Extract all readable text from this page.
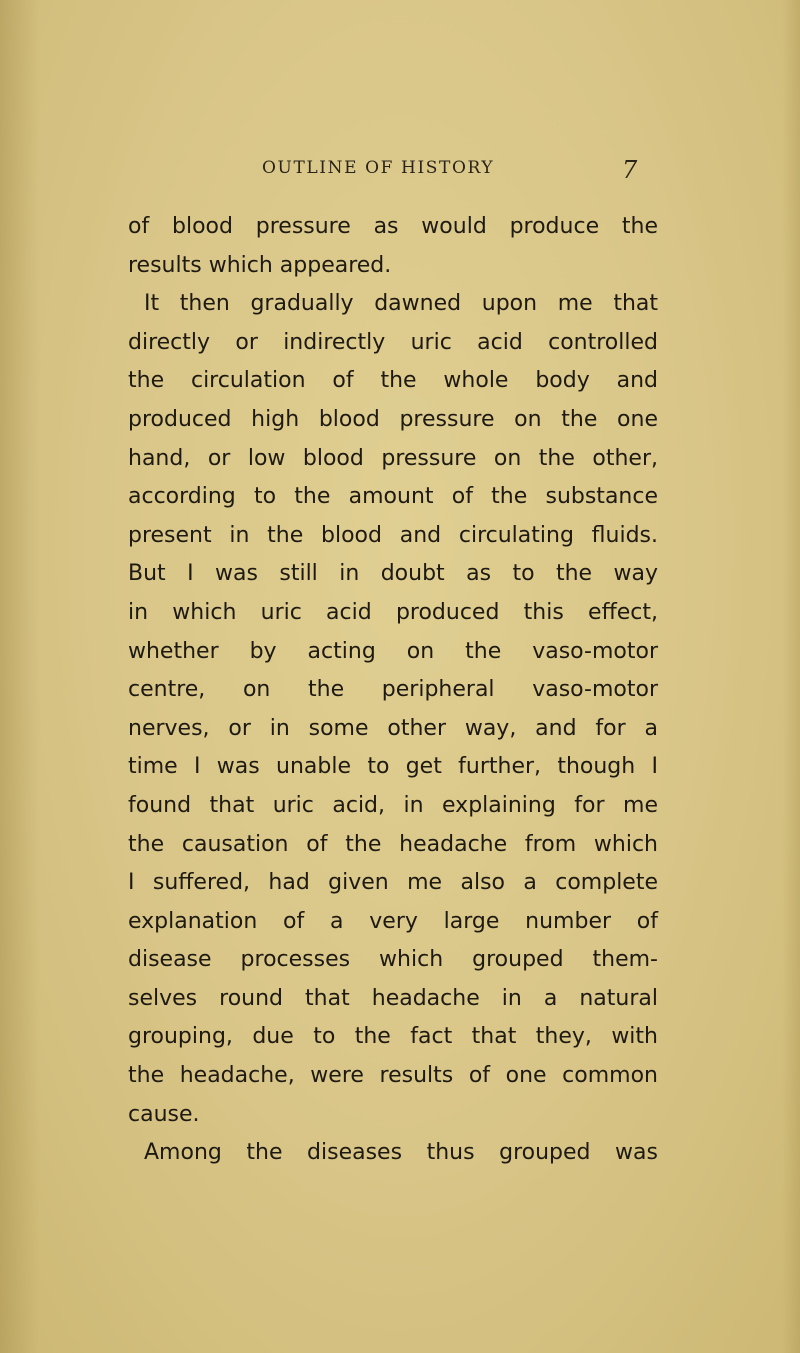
OUTLINE OF HISTORY	7
of blood pressure as would produce the
results which appeared.
It then gradually dawned upon me that
directly or indirectly uric acid controlled
the circulation of the whole body and
produced high blood pressure on the one
hand, or low blood pressure on the other,
according to the amount of the substance
present in the blood and circulating fluids.
But I was still in doubt as to the way
in which uric acid produced this effect,
whether by acting on the vaso-motor
centre, on the peripheral vaso-motor
nerves, or in some other way, and for a
time I was unable to get further, though I
found that uric acid, in explaining for me
the causation of the headache from which
I suffered, had given me also a complete
explanation of a very large number of
disease processes which grouped them-
selves round that headache in a natural
grouping, due to the fact that they, with
the headache, were results of one common
cause.
Among the diseases thus grouped was
